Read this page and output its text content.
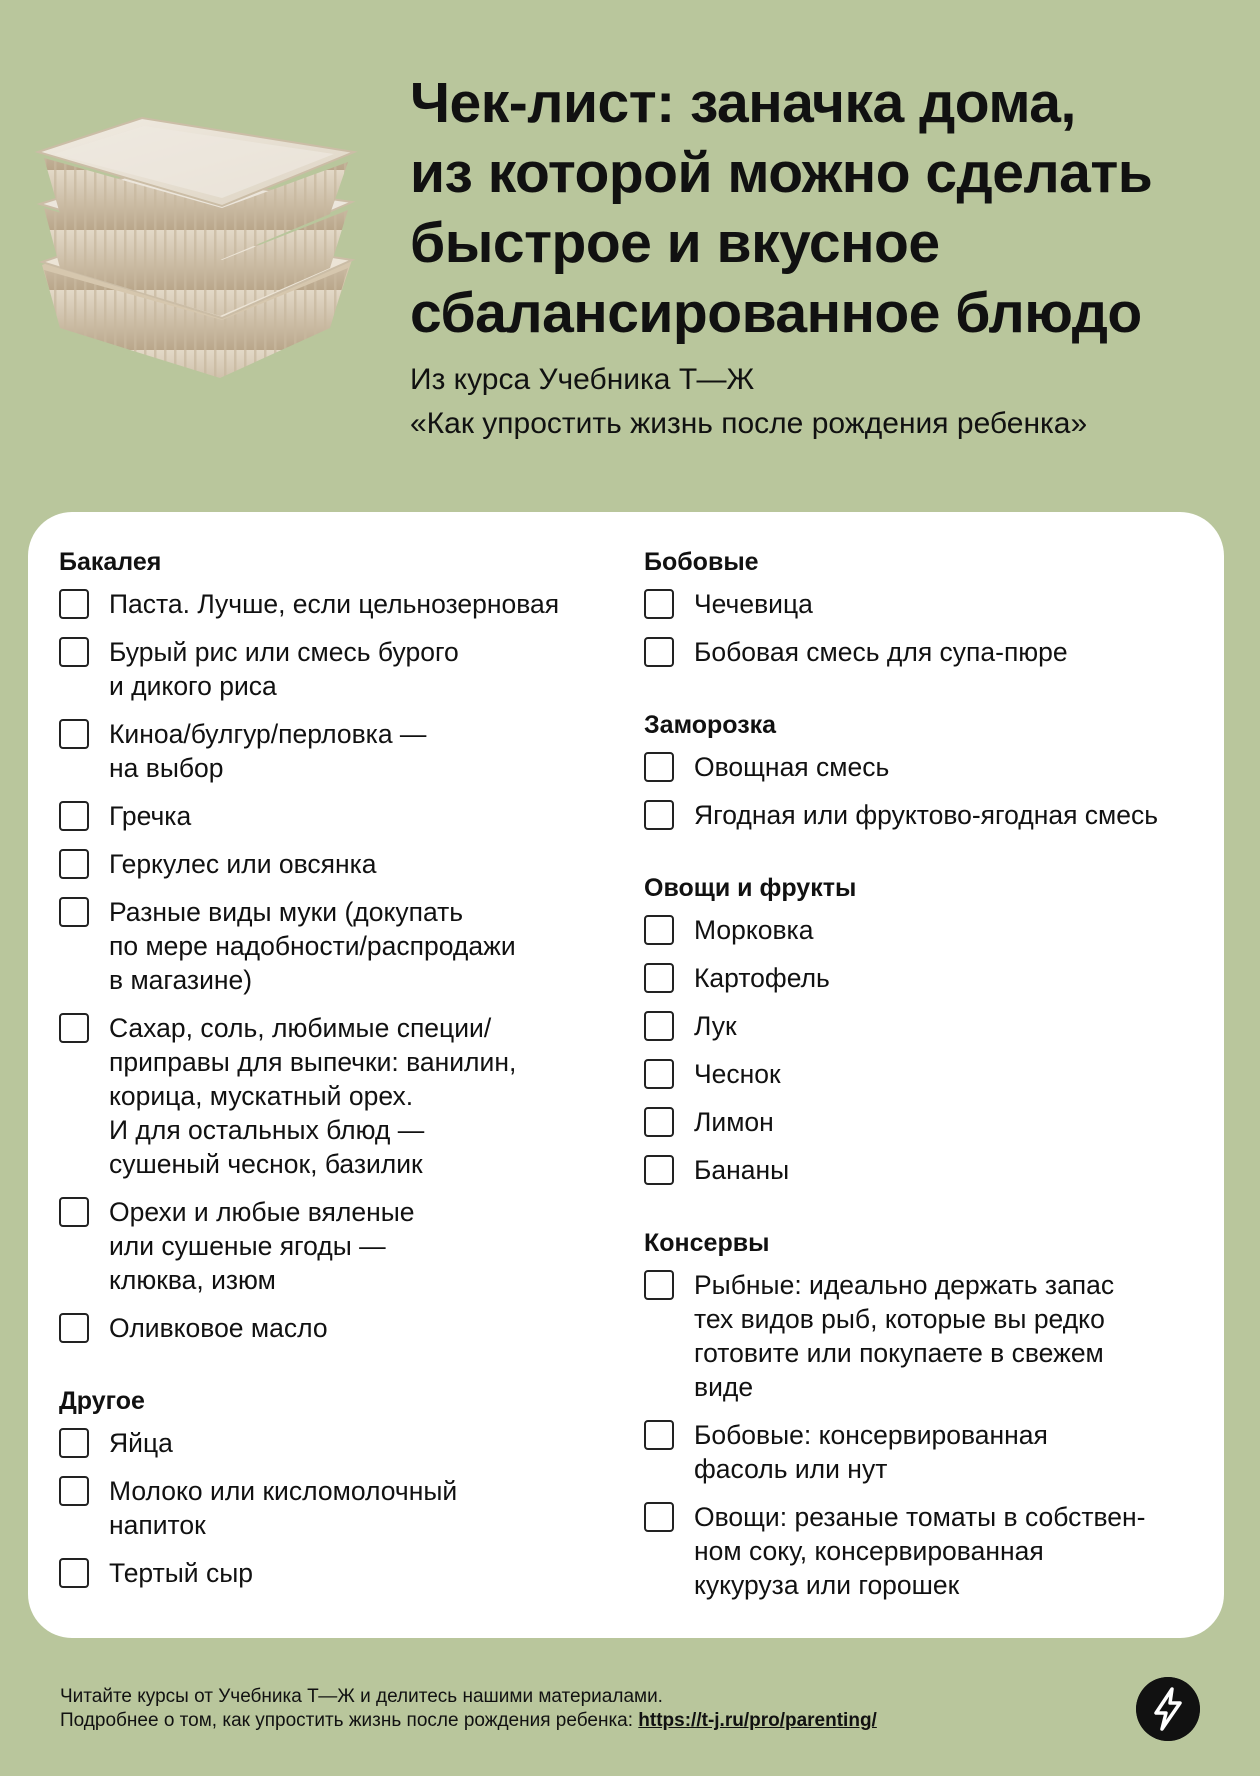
Чек-лист: заначка дома,
из которой можно сделать
быстрое и вкусное
сбалансированное блюдо
Из курса Учебника Т—Ж
«Как упростить жизнь после рождения ребенка»
Бакалея
Паста. Лучше, если цельнозерновая
Бурый рис или смесь бурого
и дикого риса
Киноа/булгур/перловка —
на выбор
Гречка
Геркулес или овсянка
Разные виды муки (докупать
по мере надобности/распродажи
в магазине)
Сахар, соль, любимые специи/
приправы для выпечки: ванилин,
корица, мускатный орех.
И для остальных блюд —
сушеный чеснок, базилик
Орехи и любые вяленые
или сушеные ягоды —
клюква, изюм
Оливковое масло
Другое
Яйца
Молоко или кисломолочный
напиток
Тертый сыр
Бобовые
Чечевица
Бобовая смесь для супа-пюре
Заморозка
Овощная смесь
Ягодная или фруктово-ягодная смесь
Овощи и фрукты
Морковка
Картофель
Лук
Чеснок
Лимон
Бананы
Консервы
Рыбные: идеально держать запас
тех видов рыб, которые вы редко
готовите или покупаете в свежем
виде
Бобовые: консервированная
фасоль или нут
Овощи: резаные томаты в собствен-
ном соку, консервированная
кукуруза или горошек
Читайте курсы от Учебника Т—Ж и делитесь нашими материалами.
Подробнее о том, как упростить жизнь после рождения ребенка: https://t-j.ru/pro/parenting/
